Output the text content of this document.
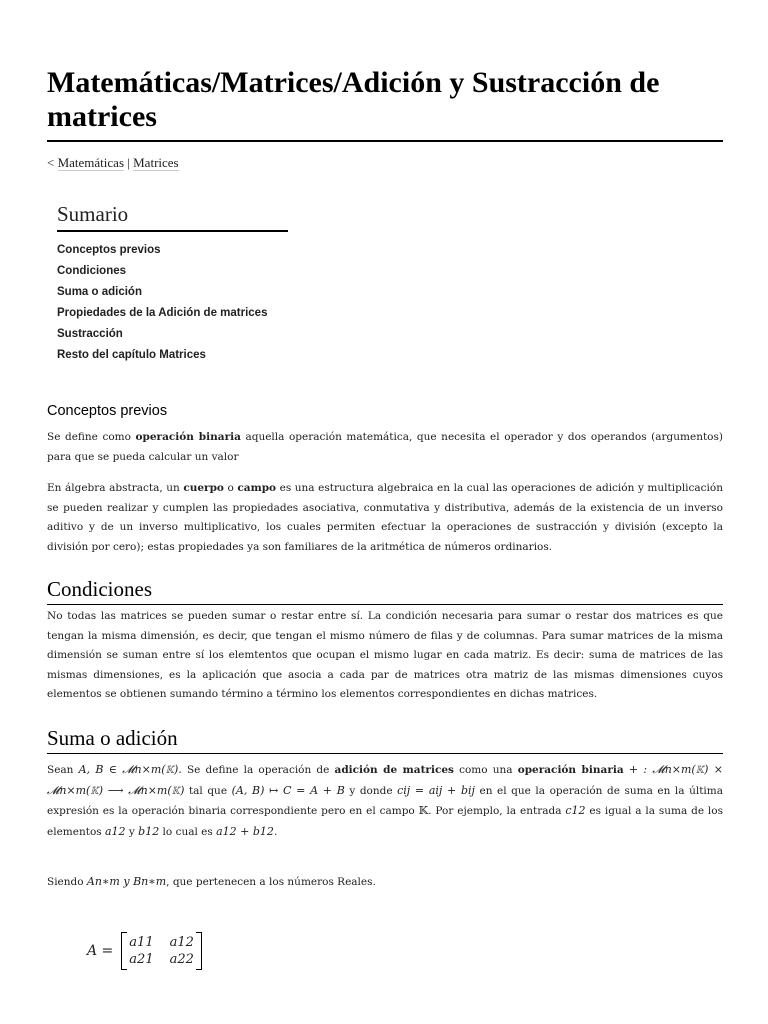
Matemáticas/Matrices/Adición y Sustracción de matrices
< Matemáticas | Matrices
Sumario
Conceptos previos
Condiciones
Suma o adición
Propiedades de la Adición de matrices
Sustracción
Resto del capítulo Matrices
Conceptos previos

Se define como operación binaria aquella operación matemática, que necesita el operador y dos operandos (argumentos) para que se pueda calcular un valor

En álgebra abstracta, un cuerpo o campo es una estructura algebraica en la cual las operaciones de adición y multiplicación se pueden realizar y cumplen las propiedades asociativa, conmutativa y distributiva, además de la existencia de un inverso aditivo y de un inverso multiplicativo, los cuales permiten efectuar la operaciones de sustracción y división (excepto la división por cero); estas propiedades ya son familiares de la aritmética de números ordinarios.

Condiciones

No todas las matrices se pueden sumar o restar entre sí. La condición necesaria para sumar o restar dos matrices es que tengan la misma dimensión, es decir, que tengan el mismo número de filas y de columnas. Para sumar matrices de la misma dimensión se suman entre sí los elemtentos que ocupan el mismo lugar en cada matriz. Es decir: suma de matrices de las mismas dimensiones, es la aplicación que asocia a cada par de matrices otra matriz de las mismas dimensiones cuyos elementos se obtienen sumando término a término los elementos correspondientes en dichas matrices.

Suma o adición

Sean A, B ∈ 𝓜n×m(𝕂). Se define la operación de adición de matrices como una operación binaria + : 𝓜n×m(𝕂) × 𝓜n×m(𝕂) ⟶ 𝓜n×m(𝕂) tal que (A, B) ↦ C = A + B y donde cij = aij + bij en el que la operación de suma en la última expresión es la operación binaria correspondiente pero en el campo 𝕂. Por ejemplo, la entrada c12 es igual a la suma de los elementos a12 y b12 lo cual es a12 + b12.

Siendo An∗m y Bn∗m, que pertenecen a los números Reales.

A =
a11 a12
a21 a22
